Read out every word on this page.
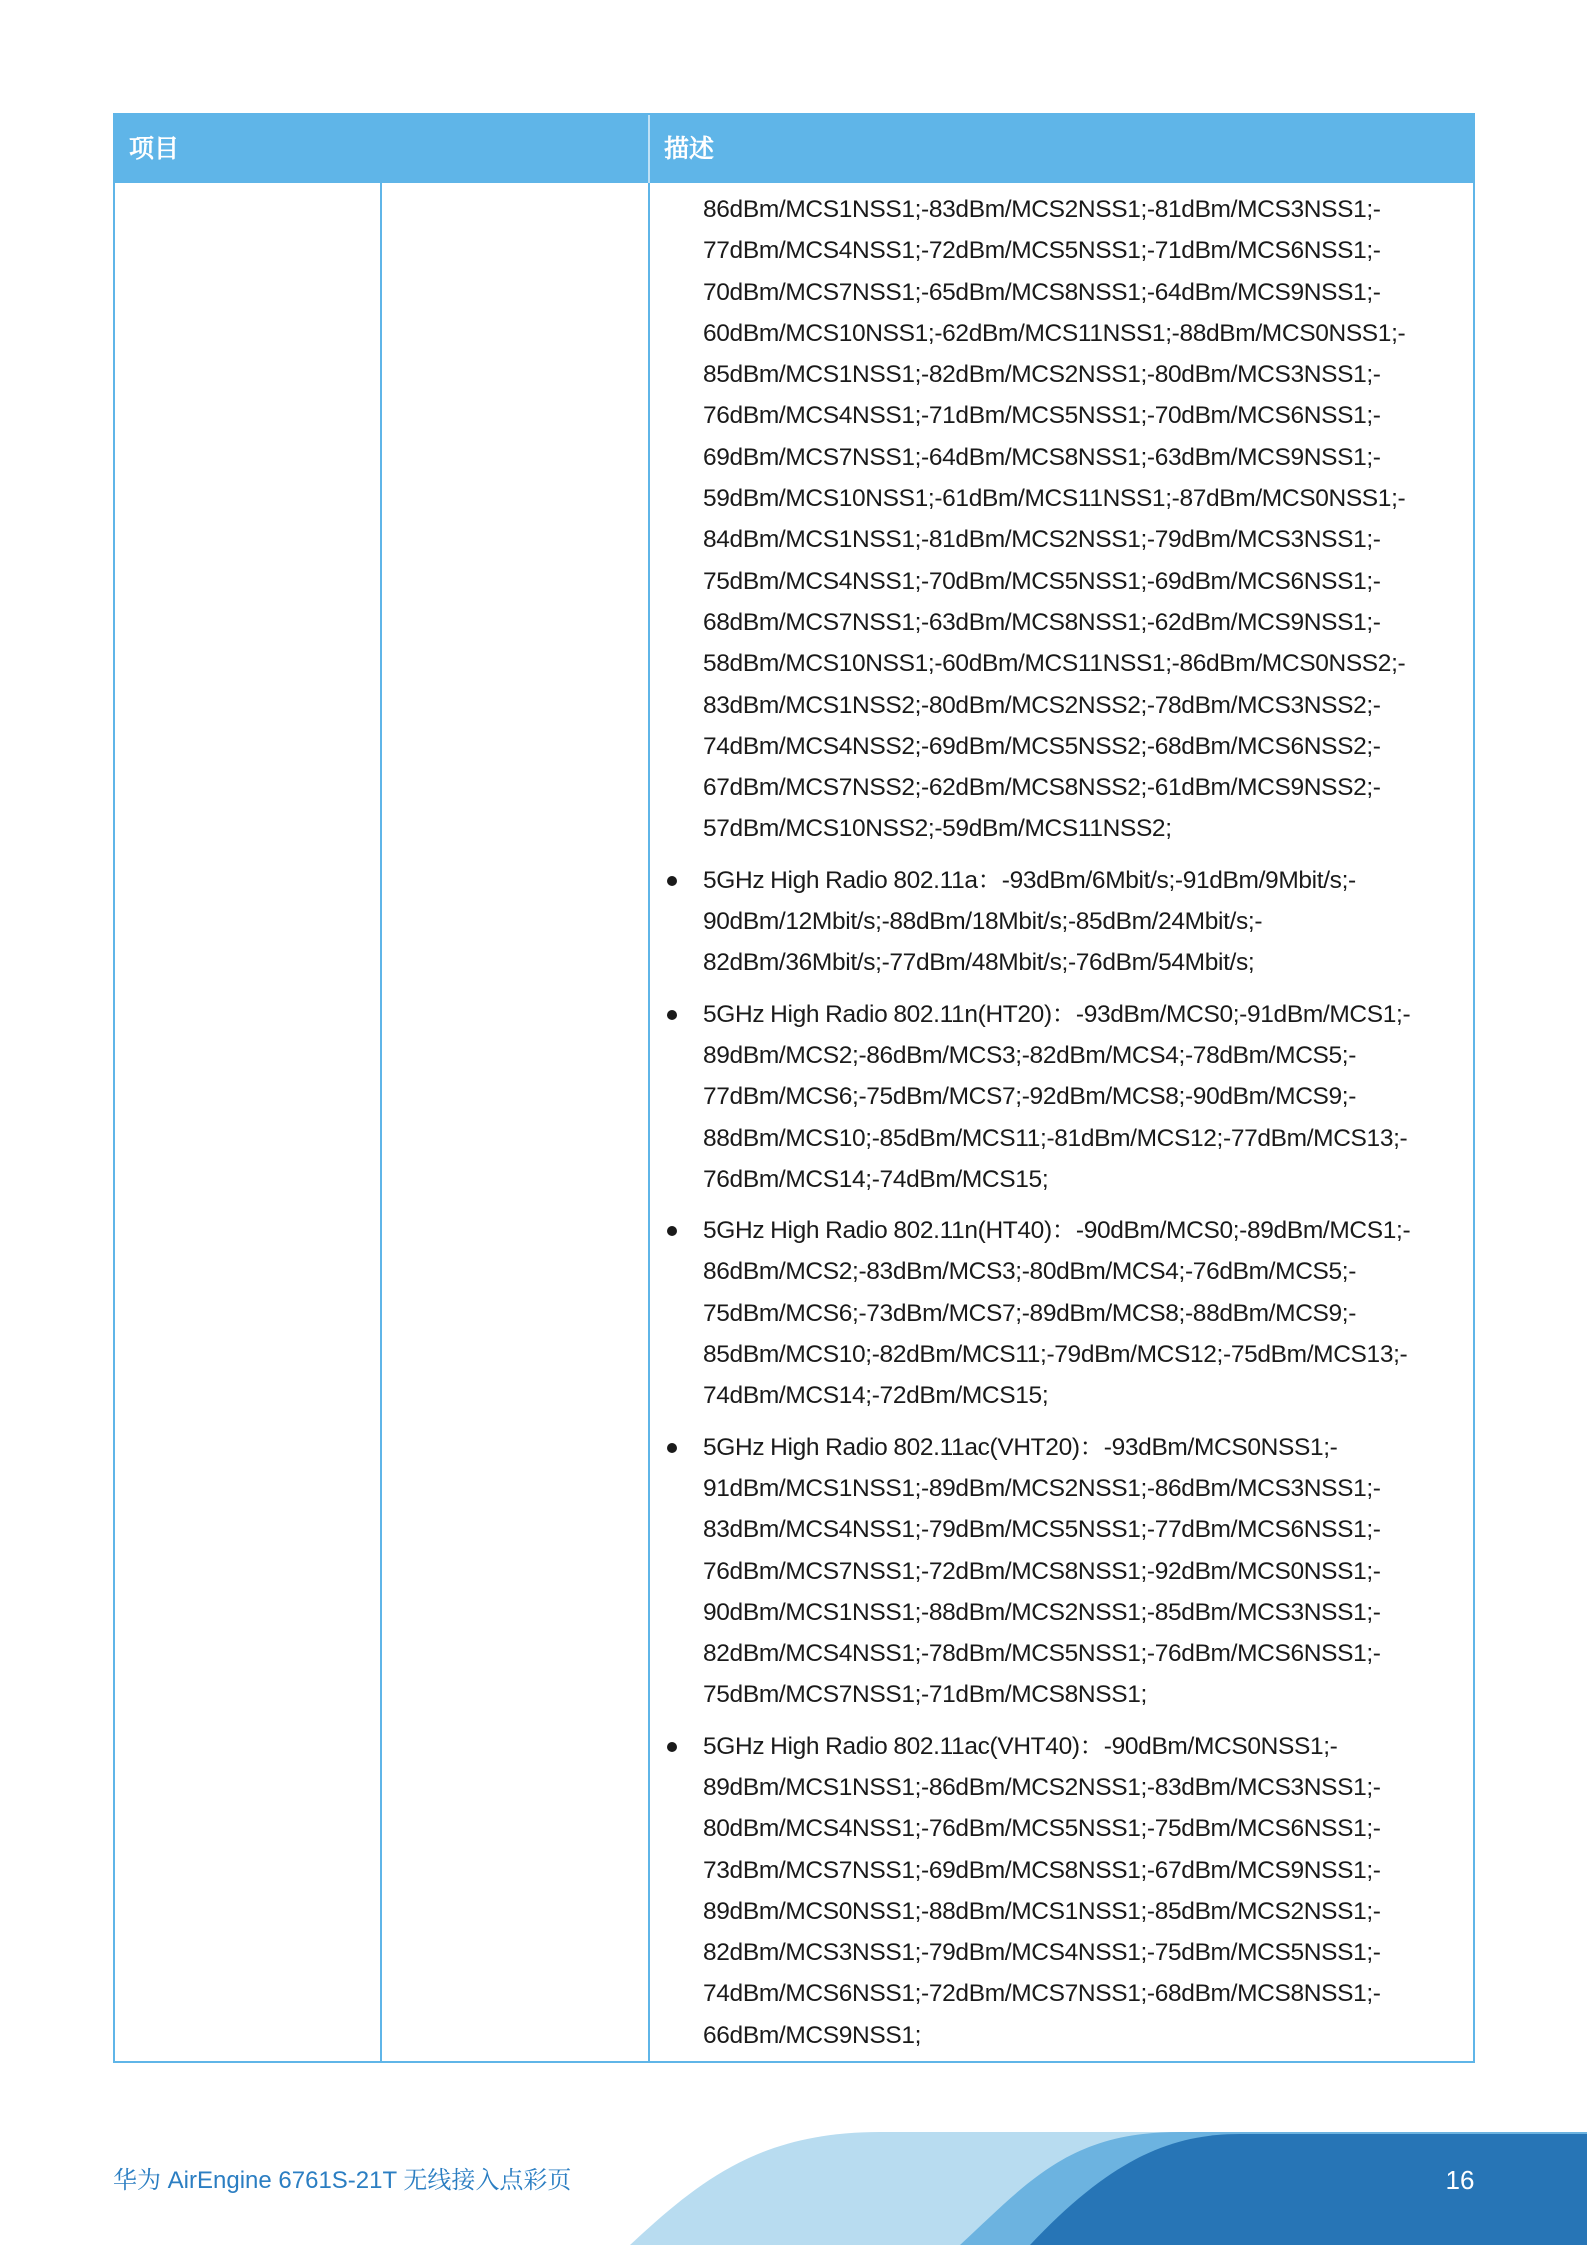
项目	描述

86dBm/MCS1NSS1;-83dBm/MCS2NSS1;-81dBm/MCS3NSS1;-
77dBm/MCS4NSS1;-72dBm/MCS5NSS1;-71dBm/MCS6NSS1;-
70dBm/MCS7NSS1;-65dBm/MCS8NSS1;-64dBm/MCS9NSS1;-
60dBm/MCS10NSS1;-62dBm/MCS11NSS1;-88dBm/MCS0NSS1;-
85dBm/MCS1NSS1;-82dBm/MCS2NSS1;-80dBm/MCS3NSS1;-
76dBm/MCS4NSS1;-71dBm/MCS5NSS1;-70dBm/MCS6NSS1;-
69dBm/MCS7NSS1;-64dBm/MCS8NSS1;-63dBm/MCS9NSS1;-
59dBm/MCS10NSS1;-61dBm/MCS11NSS1;-87dBm/MCS0NSS1;-
84dBm/MCS1NSS1;-81dBm/MCS2NSS1;-79dBm/MCS3NSS1;-
75dBm/MCS4NSS1;-70dBm/MCS5NSS1;-69dBm/MCS6NSS1;-
68dBm/MCS7NSS1;-63dBm/MCS8NSS1;-62dBm/MCS9NSS1;-
58dBm/MCS10NSS1;-60dBm/MCS11NSS1;-86dBm/MCS0NSS2;-
83dBm/MCS1NSS2;-80dBm/MCS2NSS2;-78dBm/MCS3NSS2;-
74dBm/MCS4NSS2;-69dBm/MCS5NSS2;-68dBm/MCS6NSS2;-
67dBm/MCS7NSS2;-62dBm/MCS8NSS2;-61dBm/MCS9NSS2;-
57dBm/MCS10NSS2;-59dBm/MCS11NSS2;

5GHz High Radio 802.11a：-93dBm/6Mbit/s;-91dBm/9Mbit/s;-
90dBm/12Mbit/s;-88dBm/18Mbit/s;-85dBm/24Mbit/s;-
82dBm/36Mbit/s;-77dBm/48Mbit/s;-76dBm/54Mbit/s;

5GHz High Radio 802.11n(HT20)：-93dBm/MCS0;-91dBm/MCS1;-
89dBm/MCS2;-86dBm/MCS3;-82dBm/MCS4;-78dBm/MCS5;-
77dBm/MCS6;-75dBm/MCS7;-92dBm/MCS8;-90dBm/MCS9;-
88dBm/MCS10;-85dBm/MCS11;-81dBm/MCS12;-77dBm/MCS13;-
76dBm/MCS14;-74dBm/MCS15;

5GHz High Radio 802.11n(HT40)：-90dBm/MCS0;-89dBm/MCS1;-
86dBm/MCS2;-83dBm/MCS3;-80dBm/MCS4;-76dBm/MCS5;-
75dBm/MCS6;-73dBm/MCS7;-89dBm/MCS8;-88dBm/MCS9;-
85dBm/MCS10;-82dBm/MCS11;-79dBm/MCS12;-75dBm/MCS13;-
74dBm/MCS14;-72dBm/MCS15;

5GHz High Radio 802.11ac(VHT20)：-93dBm/MCS0NSS1;-
91dBm/MCS1NSS1;-89dBm/MCS2NSS1;-86dBm/MCS3NSS1;-
83dBm/MCS4NSS1;-79dBm/MCS5NSS1;-77dBm/MCS6NSS1;-
76dBm/MCS7NSS1;-72dBm/MCS8NSS1;-92dBm/MCS0NSS1;-
90dBm/MCS1NSS1;-88dBm/MCS2NSS1;-85dBm/MCS3NSS1;-
82dBm/MCS4NSS1;-78dBm/MCS5NSS1;-76dBm/MCS6NSS1;-
75dBm/MCS7NSS1;-71dBm/MCS8NSS1;

5GHz High Radio 802.11ac(VHT40)：-90dBm/MCS0NSS1;-
89dBm/MCS1NSS1;-86dBm/MCS2NSS1;-83dBm/MCS3NSS1;-
80dBm/MCS4NSS1;-76dBm/MCS5NSS1;-75dBm/MCS6NSS1;-
73dBm/MCS7NSS1;-69dBm/MCS8NSS1;-67dBm/MCS9NSS1;-
89dBm/MCS0NSS1;-88dBm/MCS1NSS1;-85dBm/MCS2NSS1;-
82dBm/MCS3NSS1;-79dBm/MCS4NSS1;-75dBm/MCS5NSS1;-
74dBm/MCS6NSS1;-72dBm/MCS7NSS1;-68dBm/MCS8NSS1;-
66dBm/MCS9NSS1;

华为 AirEngine 6761S-21T 无线接入点彩页	16
